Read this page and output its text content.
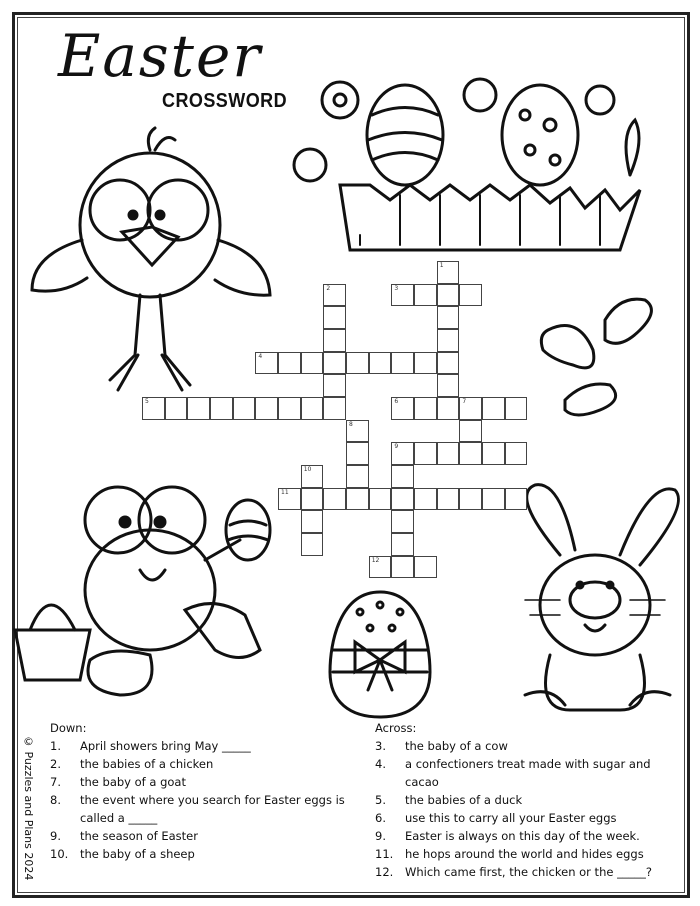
Easter
CROSSWORD
1
2	3
4
5	6	7
8
9
10
11
12
Down:
1.	April showers bring May _____
2.	the babies of a chicken
7.	the baby of a goat
8.	the event where you search for Easter eggs is called a _____
9.	the season of Easter
10.	the baby of a sheep
Across:
3.	the baby of a cow
4.	a confectioners treat made with sugar and cacao
5.	the babies of a duck
6.	use this to carry all your Easter eggs
9.	Easter is always on this day of the week.
11.	he hops around the world and hides eggs
12.	Which came first, the chicken or the _____?
© Puzzles and Plans 2024
